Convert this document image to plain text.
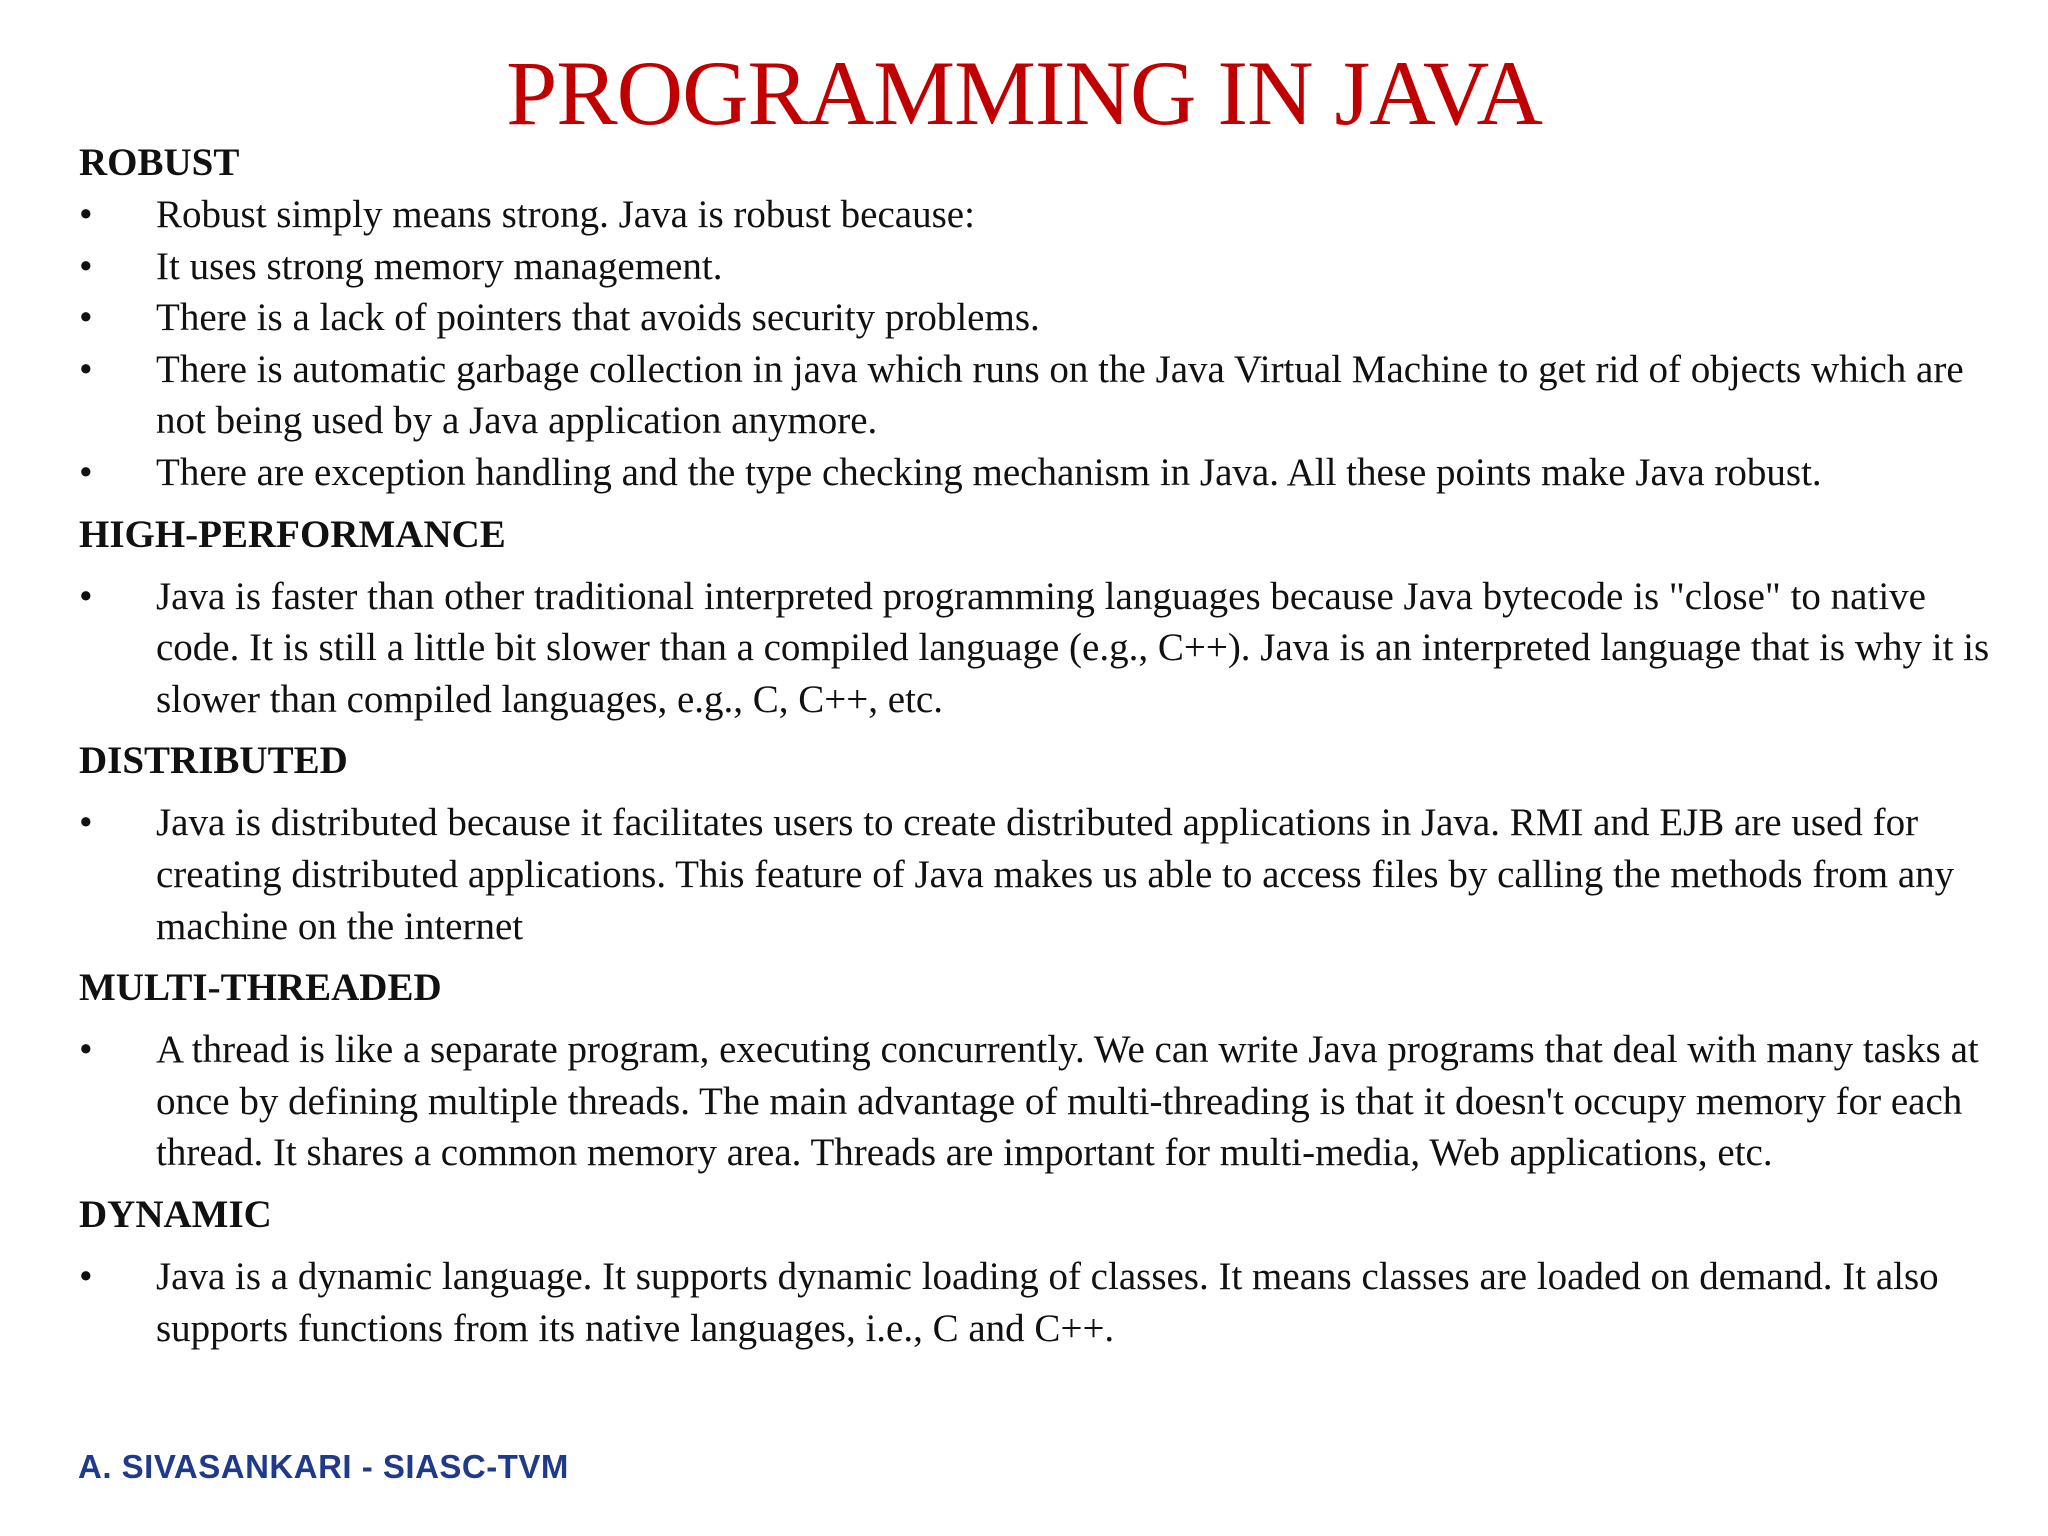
PROGRAMMING IN JAVA
ROBUST
• Robust simply means strong. Java is robust because:
• It uses strong memory management.
• There is a lack of pointers that avoids security problems.
• There is automatic garbage collection in java which runs on the Java Virtual Machine to get rid of objects which are not being used by a Java application anymore.
• There are exception handling and the type checking mechanism in Java. All these points make Java robust.
HIGH-PERFORMANCE
• Java is faster than other traditional interpreted programming languages because Java bytecode is "close" to native code. It is still a little bit slower than a compiled language (e.g., C++). Java is an interpreted language that is why it is slower than compiled languages, e.g., C, C++, etc.
DISTRIBUTED
• Java is distributed because it facilitates users to create distributed applications in Java. RMI and EJB are used for creating distributed applications. This feature of Java makes us able to access files by calling the methods from any machine on the internet
MULTI-THREADED
• A thread is like a separate program, executing concurrently. We can write Java programs that deal with many tasks at once by defining multiple threads. The main advantage of multi-threading is that it doesn't occupy memory for each thread. It shares a common memory area. Threads are important for multi-media, Web applications, etc.
DYNAMIC
• Java is a dynamic language. It supports dynamic loading of classes. It means classes are loaded on demand. It also supports functions from its native languages, i.e., C and C++.
A. SIVASANKARI - SIASC-TVM
